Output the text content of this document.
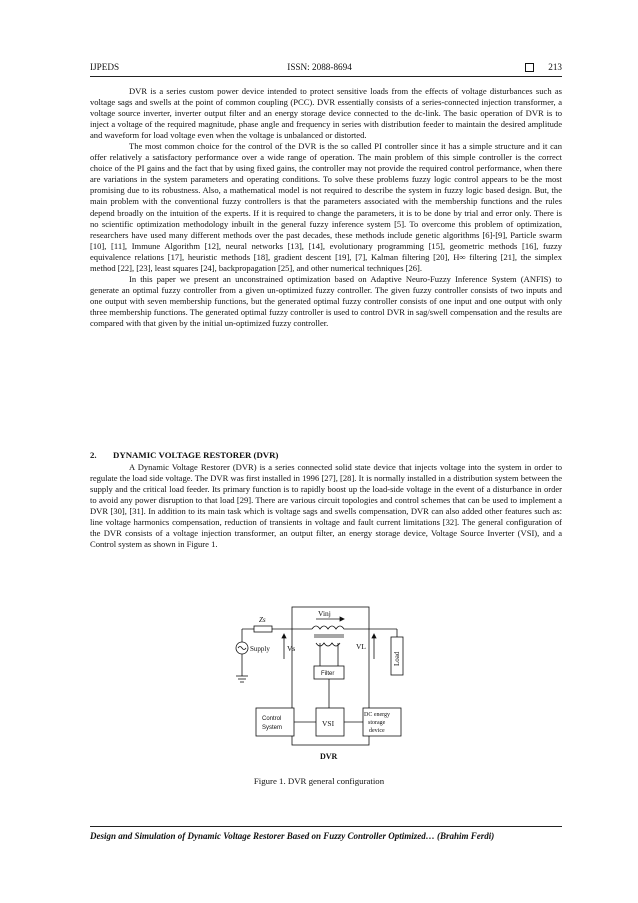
IJPEDS	ISSN: 2088-8694	213

DVR is a series custom power device intended to protect sensitive loads from the effects of voltage disturbances such as voltage sags and swells at the point of common coupling (PCC). DVR essentially consists of a series-connected injection transformer, a voltage source inverter, inverter output filter and an energy storage device connected to the dc-link. The basic operation of DVR is to inject a voltage of the required magnitude, phase angle and frequency in series with distribution feeder to maintain the desired amplitude and waveform for load voltage even when the voltage is unbalanced or distorted.

The most common choice for the control of the DVR is the so called PI controller since it has a simple structure and it can offer relatively a satisfactory performance over a wide range of operation. The main problem of this simple controller is the correct choice of the PI gains and the fact that by using fixed gains, the controller may not provide the required control performance, when there are variations in the system parameters and operating conditions. To solve these problems fuzzy logic control appears to be the most promising due to its robustness. Also, a mathematical model is not required to describe the system in fuzzy logic based design. But, the main problem with the conventional fuzzy controllers is that the parameters associated with the membership functions and the rules depend broadly on the intuition of the experts. If it is required to change the parameters, it is to be done by trial and error only. There is no scientific optimization methodology inbuilt in the general fuzzy inference system [5]. To overcome this problem of optimization, researchers have used many different methods over the past decades, these methods include genetic algorithms [6]-[9], Particle swarm [10], [11], Immune Algorithm [12], neural networks [13], [14], evolutionary programming [15], geometric methods [16], fuzzy equivalence relations [17], heuristic methods [18], gradient descent [19], [7], Kalman filtering [20], H∞ filtering [21], the simplex method [22], [23], least squares [24], backpropagation [25], and other numerical techniques [26].

In this paper we present an unconstrained optimization based on Adaptive Neuro-Fuzzy Inference System (ANFIS) to generate an optimal fuzzy controller from a given un-optimized fuzzy controller. The given fuzzy controller consists of two inputs and one output with seven membership functions, but the generated optimal fuzzy controller consists of one input and one output with only three membership functions. The generated optimal fuzzy controller is used to control DVR in sag/swell compensation and the results are compared with that given by the initial un-optimized fuzzy controller.

2. DYNAMIC VOLTAGE RESTORER (DVR)

A Dynamic Voltage Restorer (DVR) is a series connected solid state device that injects voltage into the system in order to regulate the load side voltage. The DVR was first installed in 1996 [27], [28]. It is normally installed in a distribution system between the supply and the critical load feeder. Its primary function is to rapidly boost up the load-side voltage in the event of a disturbance in order to avoid any power disruption to that load [29]. There are various circuit topologies and control schemes that can be used to implement a DVR [30], [31]. In addition to its main task which is voltage sags and swells compensation, DVR can also added other features such as: line voltage harmonics compensation, reduction of transients in voltage and fault current limitations [32]. The general configuration of the DVR consists of a voltage injection transformer, an output filter, an energy storage device, Voltage Source Inverter (VSI), and a Control system as shown in Figure 1.

Zs
Vinj
Filter
Control
System	VSI
DC energy
storage
device
Supply Vs	VL
Load
DVR
Figure 1. DVR general configuration
Design and Simulation of Dynamic Voltage Restorer Based on Fuzzy Controller Optimized… (Brahim Ferdi)
